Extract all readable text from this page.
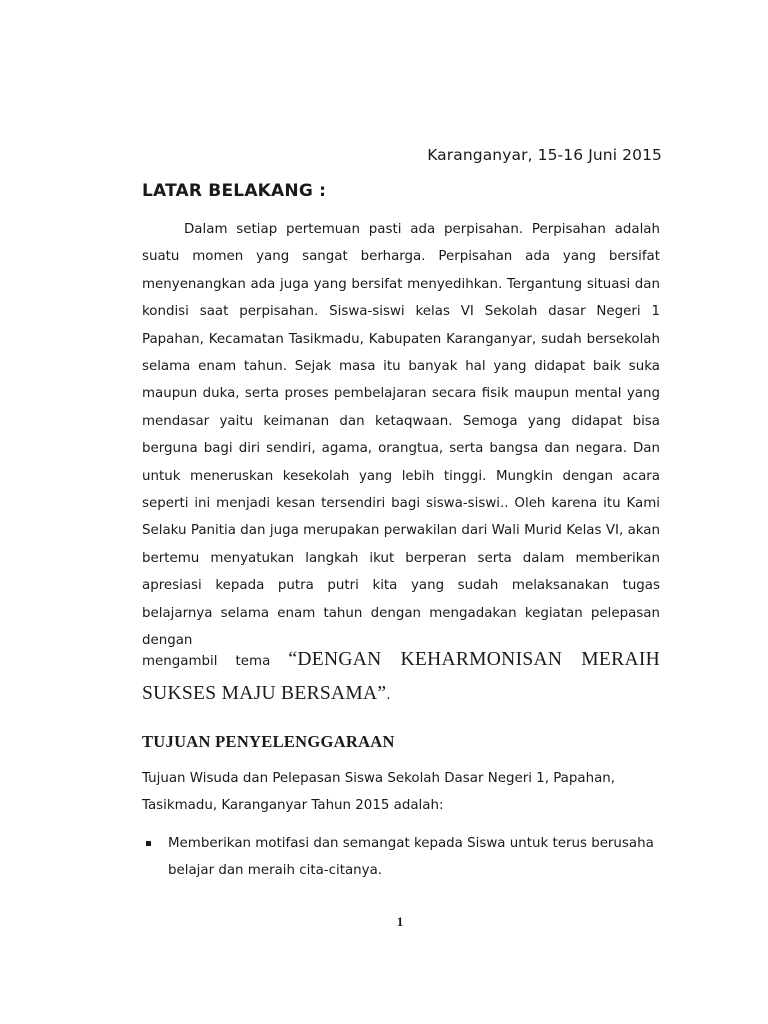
Karanganyar, 15-16 Juni 2015
LATAR BELAKANG :

Dalam setiap pertemuan pasti ada perpisahan. Perpisahan adalah suatu momen yang sangat berharga. Perpisahan ada yang bersifat menyenangkan ada juga yang bersifat menyedihkan. Tergantung situasi dan kondisi saat perpisahan. Siswa-siswi kelas VI Sekolah dasar Negeri 1 Papahan, Kecamatan Tasikmadu, Kabupaten Karanganyar, sudah bersekolah selama enam tahun. Sejak masa itu banyak hal yang didapat baik suka maupun duka, serta proses pembelajaran secara fisik maupun mental yang mendasar yaitu keimanan dan ketaqwaan. Semoga yang didapat bisa berguna bagi diri sendiri, agama, orangtua, serta bangsa dan negara. Dan untuk meneruskan kesekolah yang lebih tinggi. Mungkin dengan acara seperti ini menjadi kesan tersendiri bagi siswa-siswi.. Oleh karena itu Kami Selaku Panitia dan juga merupakan perwakilan dari Wali Murid Kelas VI, akan bertemu menyatukan langkah ikut berperan serta dalam memberikan apresiasi kepada putra putri kita yang sudah melaksanakan tugas belajarnya selama enam tahun dengan mengadakan kegiatan pelepasan dengan

mengambil tema “DENGAN KEHARMONISAN MERAIH SUKSES MAJU BERSAMA”.

TUJUAN PENYELENGGARAAN

Tujuan Wisuda dan Pelepasan Siswa Sekolah Dasar Negeri 1, Papahan, Tasikmadu, Karanganyar Tahun 2015 adalah:

Memberikan motifasi dan semangat kepada Siswa untuk terus berusaha belajar dan meraih cita-citanya.
1
